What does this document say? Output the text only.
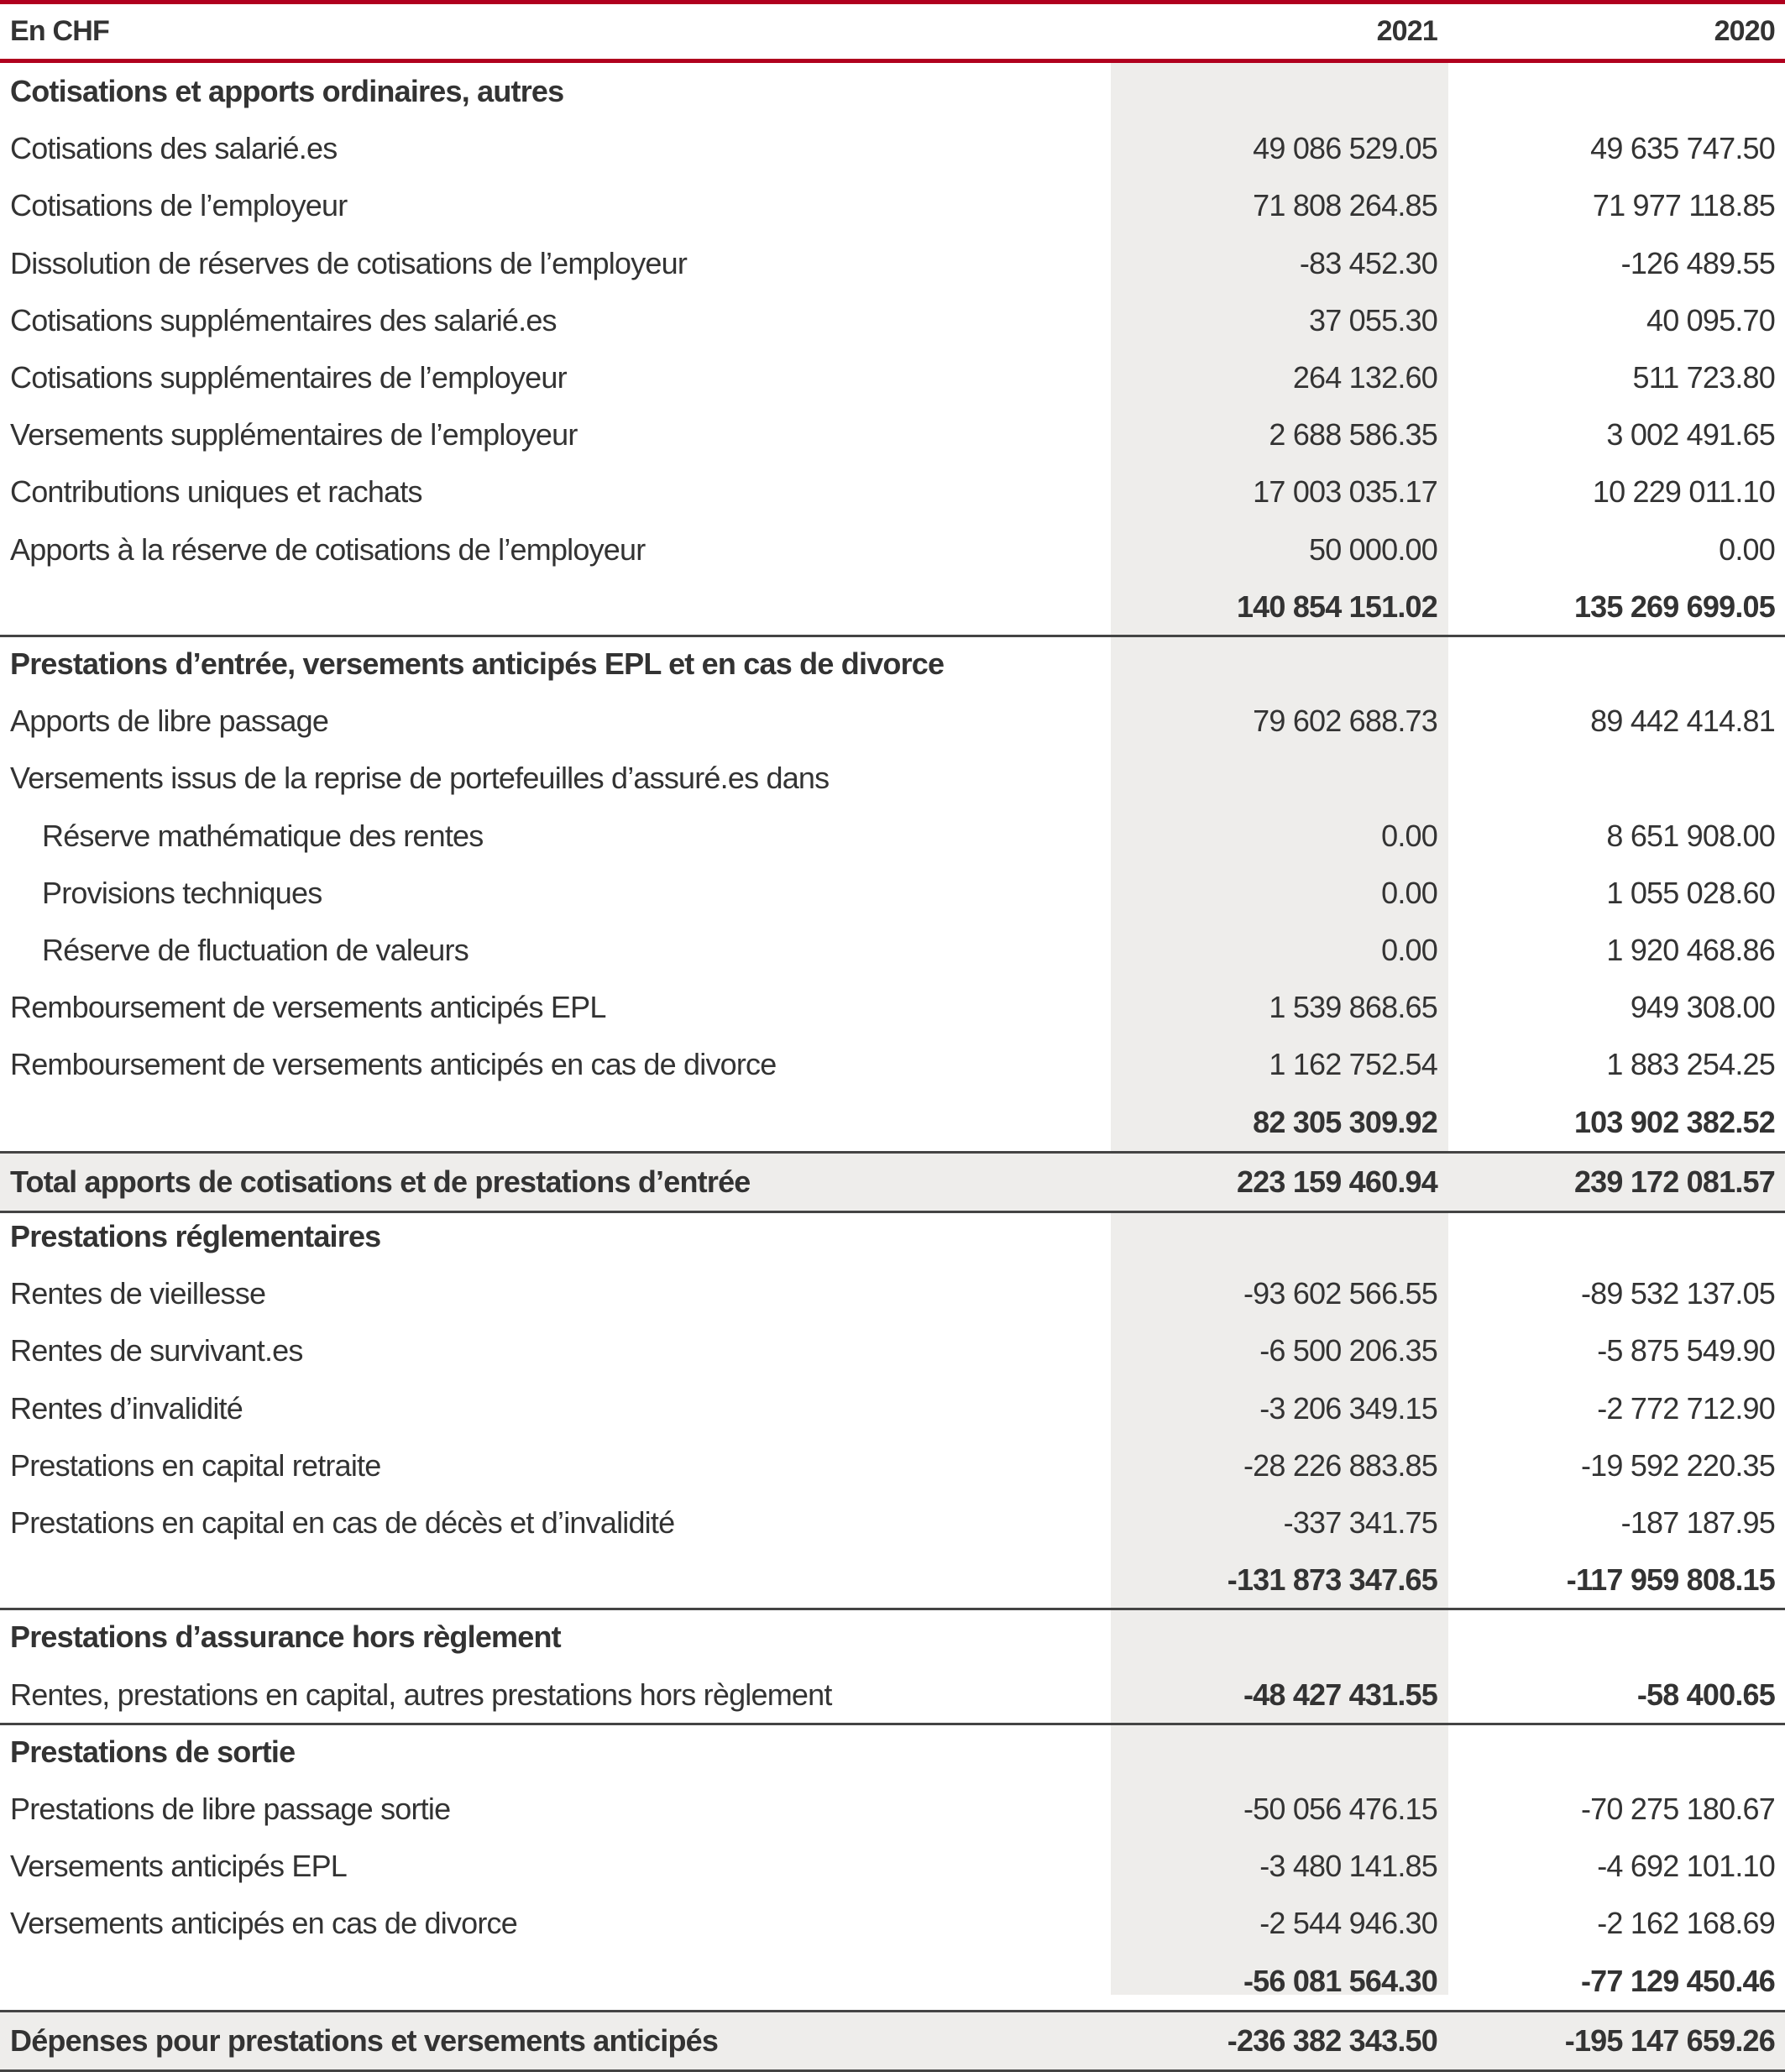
En CHF	2021	2020
Cotisations et apports ordinaires, autres
Cotisations des salarié.es	49 086 529.05	49 635 747.50
Cotisations de l’employeur	71 808 264.85	71 977 118.85
Dissolution de réserves de cotisations de l’employeur	-83 452.30	-126 489.55
Cotisations supplémentaires des salarié.es	37 055.30	40 095.70
Cotisations supplémentaires de l’employeur	264 132.60	511 723.80
Versements supplémentaires de l’employeur	2 688 586.35	3 002 491.65
Contributions uniques et rachats	17 003 035.17	10 229 011.10
Apports à la réserve de cotisations de l’employeur	50 000.00	0.00
140 854 151.02	135 269 699.05
Prestations d’entrée, versements anticipés EPL et en cas de divorce
Apports de libre passage	79 602 688.73	89 442 414.81
Versements issus de la reprise de portefeuilles d’assuré.es dans
Réserve mathématique des rentes	0.00	8 651 908.00
Provisions techniques	0.00	1 055 028.60
Réserve de fluctuation de valeurs	0.00	1 920 468.86
Remboursement de versements anticipés EPL	1 539 868.65	949 308.00
Remboursement de versements anticipés en cas de divorce	1 162 752.54	1 883 254.25
82 305 309.92	103 902 382.52
Total apports de cotisations et de prestations d’entrée	223 159 460.94	239 172 081.57
Prestations réglementaires
Rentes de vieillesse	-93 602 566.55	-89 532 137.05
Rentes de survivant.es	-6 500 206.35	-5 875 549.90
Rentes d’invalidité	-3 206 349.15	-2 772 712.90
Prestations en capital retraite	-28 226 883.85	-19 592 220.35
Prestations en capital en cas de décès et d’invalidité	-337 341.75	-187 187.95
-131 873 347.65	-117 959 808.15
Prestations d’assurance hors règlement
Rentes, prestations en capital, autres prestations hors règlement	-48 427 431.55	-58 400.65
Prestations de sortie
Prestations de libre passage sortie	-50 056 476.15	-70 275 180.67
Versements anticipés EPL	-3 480 141.85	-4 692 101.10
Versements anticipés en cas de divorce	-2 544 946.30	-2 162 168.69
-56 081 564.30	-77 129 450.46
Dépenses pour prestations et versements anticipés	-236 382 343.50	-195 147 659.26
